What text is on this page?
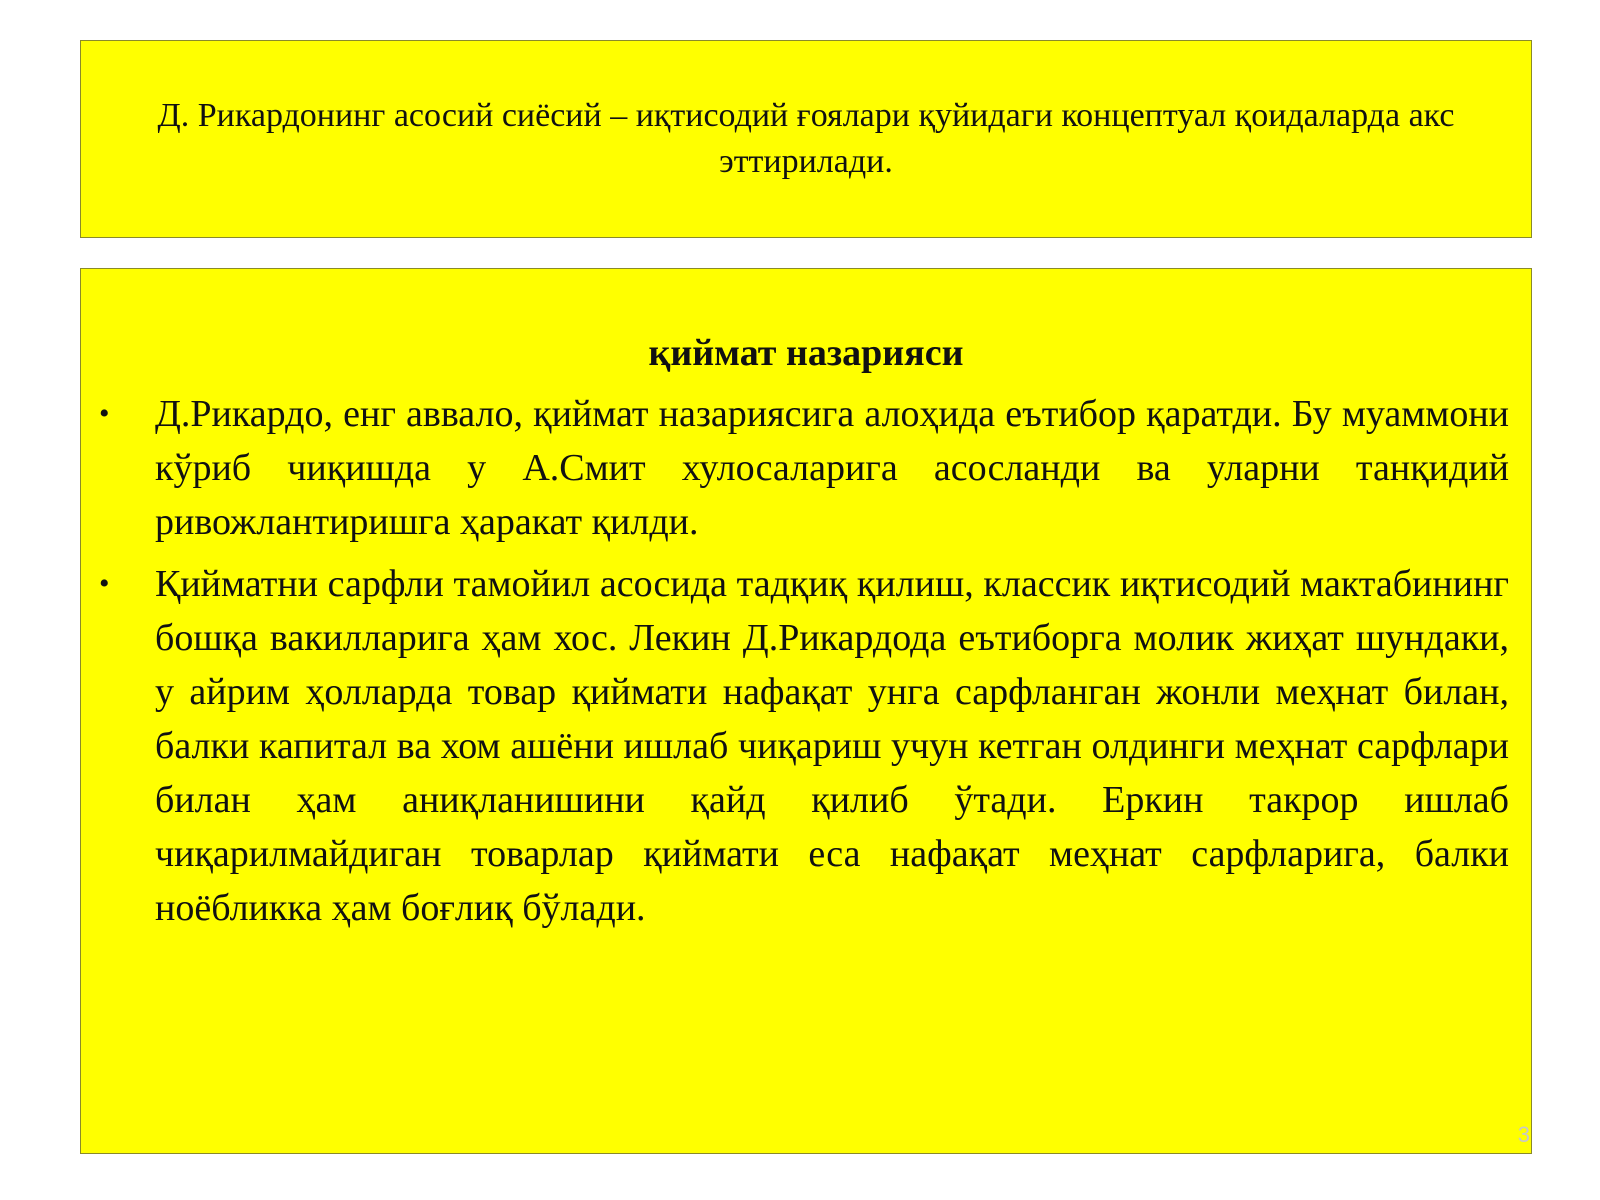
Д. Рикардонинг асосий сиёсий – иқтисодий ғоялари қуйидаги концептуал қоидаларда акс эттирилади.

қиймат назарияси
• Д.Рикардо, енг аввало, қиймат назариясига алоҳида еътибор қаратди. Бу муаммони кўриб чиқишда у А.Смит хулосаларига асосланди ва уларни танқидий ривожлантиришга ҳаракат қилди.
• Қийматни сарфли тамойил асосида тадқиқ қилиш, классик иқтисодий мактабининг бошқа вакилларига ҳам хос. Лекин Д.Рикардода еътиборга молик жиҳат шундаки, у айрим ҳолларда товар қиймати нафақат унга сарфланган жонли меҳнат билан, балки капитал ва хом ашёни ишлаб чиқариш учун кетган олдинги меҳнат сарфлари билан ҳам аниқланишини қайд қилиб ўтади. Еркин такрор ишлаб чиқарилмайдиган товарлар қиймати еса нафақат меҳнат сарфларига, балки ноёбликка ҳам боғлиқ бўлади.
3
